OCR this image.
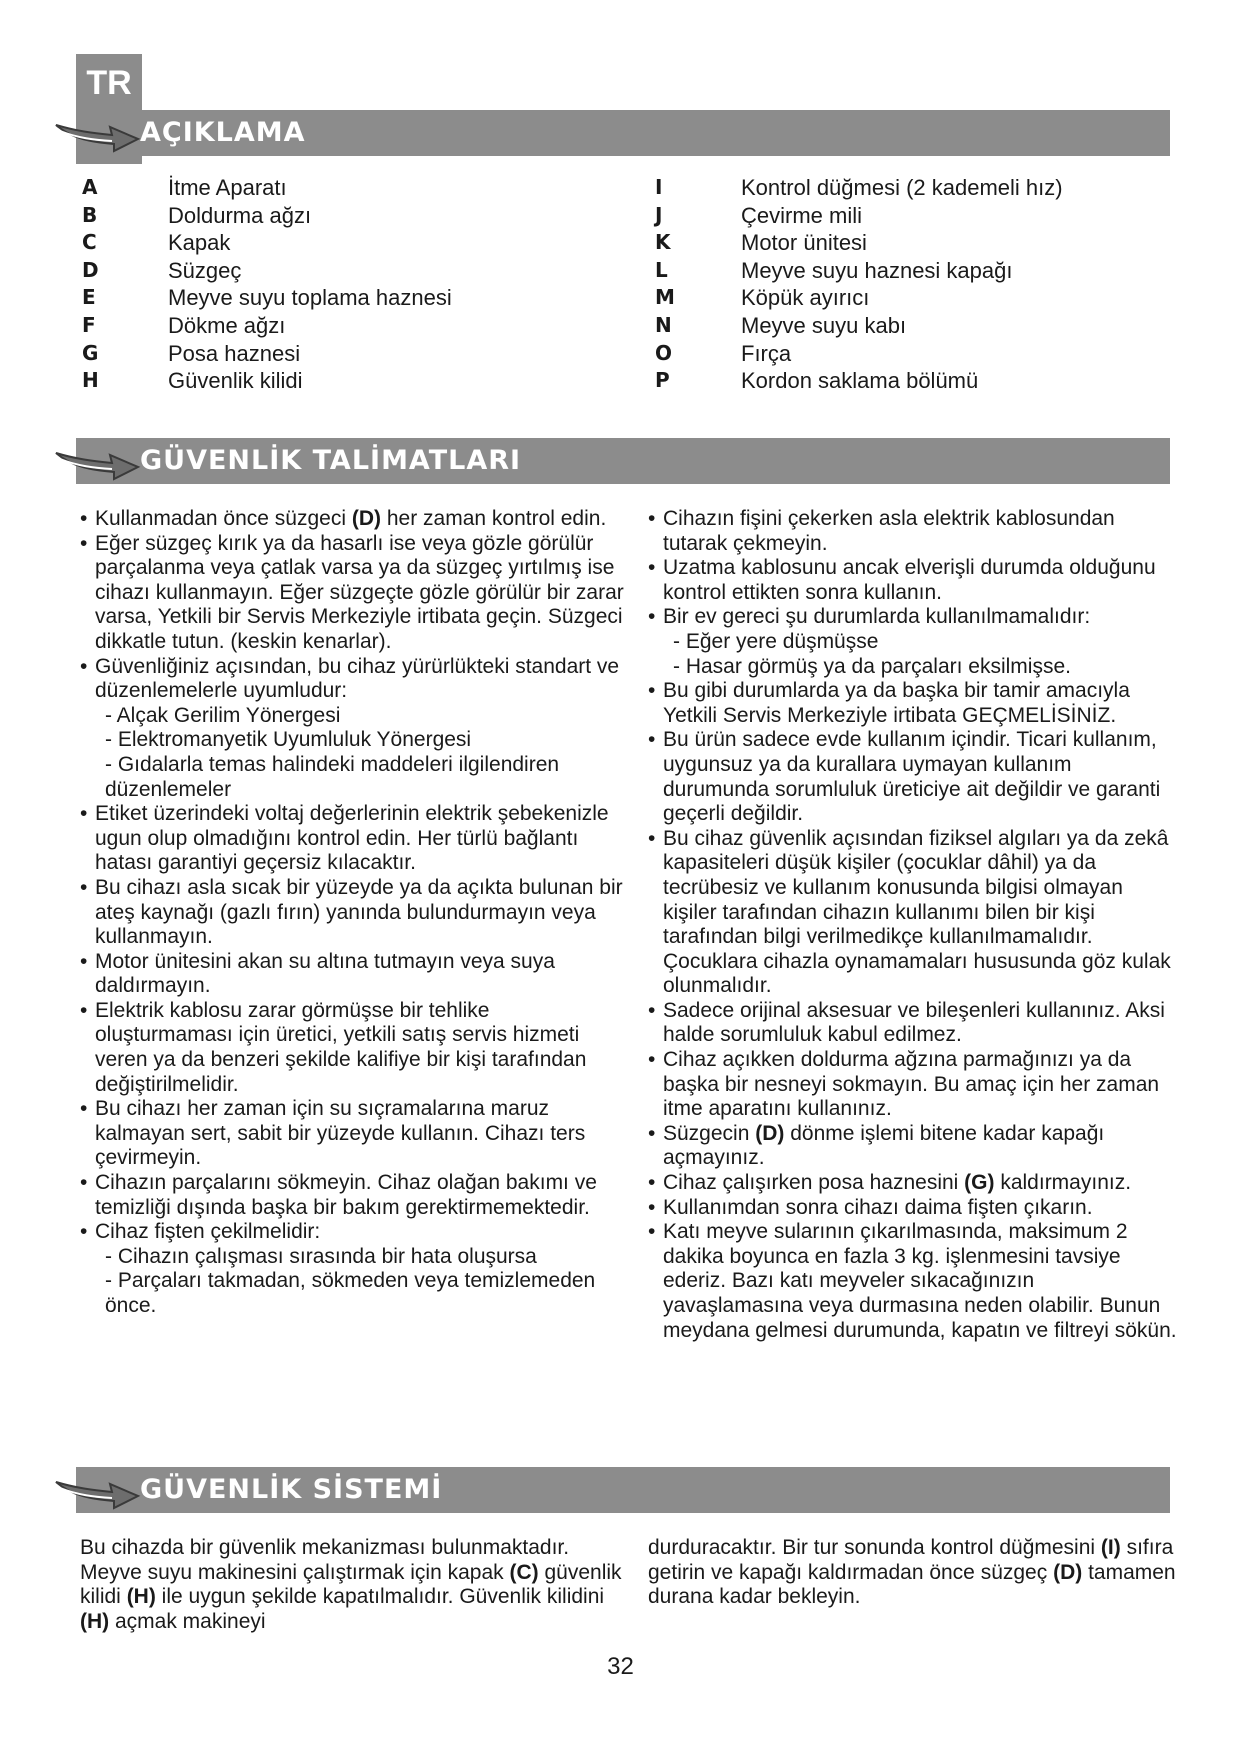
TR
AÇIKLAMA
A	İtme Aparatı
B	Doldurma ağzı
C	Kapak
D	Süzgeç
E	Meyve suyu toplama haznesi
F	Dökme ağzı
G	Posa haznesi
H	Güvenlik kilidi
I	Kontrol düğmesi (2 kademeli hız)
J	Çevirme mili
K	Motor ünitesi
L	Meyve suyu haznesi kapağı
M	Köpük ayırıcı
N	Meyve suyu kabı
O	Fırça
P	Kordon saklama bölümü
GÜVENLİK TALİMATLARI

• Kullanmadan önce süzgeci (D) her zaman kontrol edin.

• Eğer süzgeç kırık ya da hasarlı ise veya gözle görülür parçalanma veya çatlak varsa ya da süzgeç yırtılmış ise cihazı kullanmayın. Eğer süzgeçte gözle görülür bir zarar varsa, Yetkili bir Servis Merkeziyle irtibata geçin. Süzgeci dikkatle tutun. (keskin kenarlar).

• Güvenliğiniz açısından, bu cihaz yürürlükteki standart ve düzenlemelerle uyumludur:

- Alçak Gerilim Yönergesi

- Elektromanyetik Uyumluluk Yönergesi

- Gıdalarla temas halindeki maddeleri ilgilendiren düzenlemeler

• Etiket üzerindeki voltaj değerlerinin elektrik şebekenizle ugun olup olmadığını kontrol edin. Her türlü bağlantı hatası garantiyi geçersiz kılacaktır.

• Bu cihazı asla sıcak bir yüzeyde ya da açıkta bulunan bir ateş kaynağı (gazlı fırın) yanında bulundurmayın veya kullanmayın.

• Motor ünitesini akan su altına tutmayın veya suya daldırmayın.

• Elektrik kablosu zarar görmüşse bir tehlike oluşturmaması için üretici, yetkili satış servis hizmeti veren ya da benzeri şekilde kalifiye bir kişi tarafından değiştirilmelidir.

• Bu cihazı her zaman için su sıçramalarına maruz kalmayan sert, sabit bir yüzeyde kullanın. Cihazı ters çevirmeyin.

• Cihazın parçalarını sökmeyin. Cihaz olağan bakımı ve temizliği dışında başka bir bakım gerektirmemektedir.

• Cihaz fişten çekilmelidir:

- Cihazın çalışması sırasında bir hata oluşursa

- Parçaları takmadan, sökmeden veya temizlemeden önce.

• Cihazın fişini çekerken asla elektrik kablosundan tutarak çekmeyin.

• Uzatma kablosunu ancak elverişli durumda olduğunu kontrol ettikten sonra kullanın.

• Bir ev gereci şu durumlarda kullanılmamalıdır:

- Eğer yere düşmüşse

- Hasar görmüş ya da parçaları eksilmişse.

• Bu gibi durumlarda ya da başka bir tamir amacıyla Yetkili Servis Merkeziyle irtibata GEÇMELİSİNİZ.

• Bu ürün sadece evde kullanım içindir. Ticari kullanım, uygunsuz ya da kurallara uymayan kullanım durumunda sorumluluk üreticiye ait değildir ve garanti geçerli değildir.

• Bu cihaz güvenlik açısından fiziksel algıları ya da zekâ kapasiteleri düşük kişiler (çocuklar dâhil) ya da tecrübesiz ve kullanım konusunda bilgisi olmayan kişiler tarafından cihazın kullanımı bilen bir kişi tarafından bilgi verilmedikçe kullanılmamalıdır. Çocuklara cihazla oynamamaları hususunda göz kulak olunmalıdır.

• Sadece orijinal aksesuar ve bileşenleri kullanınız. Aksi halde sorumluluk kabul edilmez.

• Cihaz açıkken doldurma ağzına parmağınızı ya da başka bir nesneyi sokmayın. Bu amaç için her zaman itme aparatını kullanınız.

• Süzgecin (D) dönme işlemi bitene kadar kapağı açmayınız.

• Cihaz çalışırken posa haznesini (G) kaldırmayınız.

• Kullanımdan sonra cihazı daima fişten çıkarın.

• Katı meyve sularının çıkarılmasında, maksimum 2 dakika boyunca en fazla 3 kg. işlenmesini tavsiye ederiz. Bazı katı meyveler sıkacağınızın yavaşlamasına veya durmasına neden olabilir. Bunun meydana gelmesi durumunda, kapatın ve filtreyi sökün.

GÜVENLİK SİSTEMİ

Bu cihazda bir güvenlik mekanizması bulunmaktadır. Meyve suyu makinesini çalıştırmak için kapak (C) güvenlik kilidi (H) ile uygun şekilde kapatılmalıdır. Güvenlik kilidini (H) açmak makineyi

durduracaktır. Bir tur sonunda kontrol düğmesini (I) sıfıra getirin ve kapağı kaldırmadan önce süzgeç (D) tamamen durana kadar bekleyin.

32
